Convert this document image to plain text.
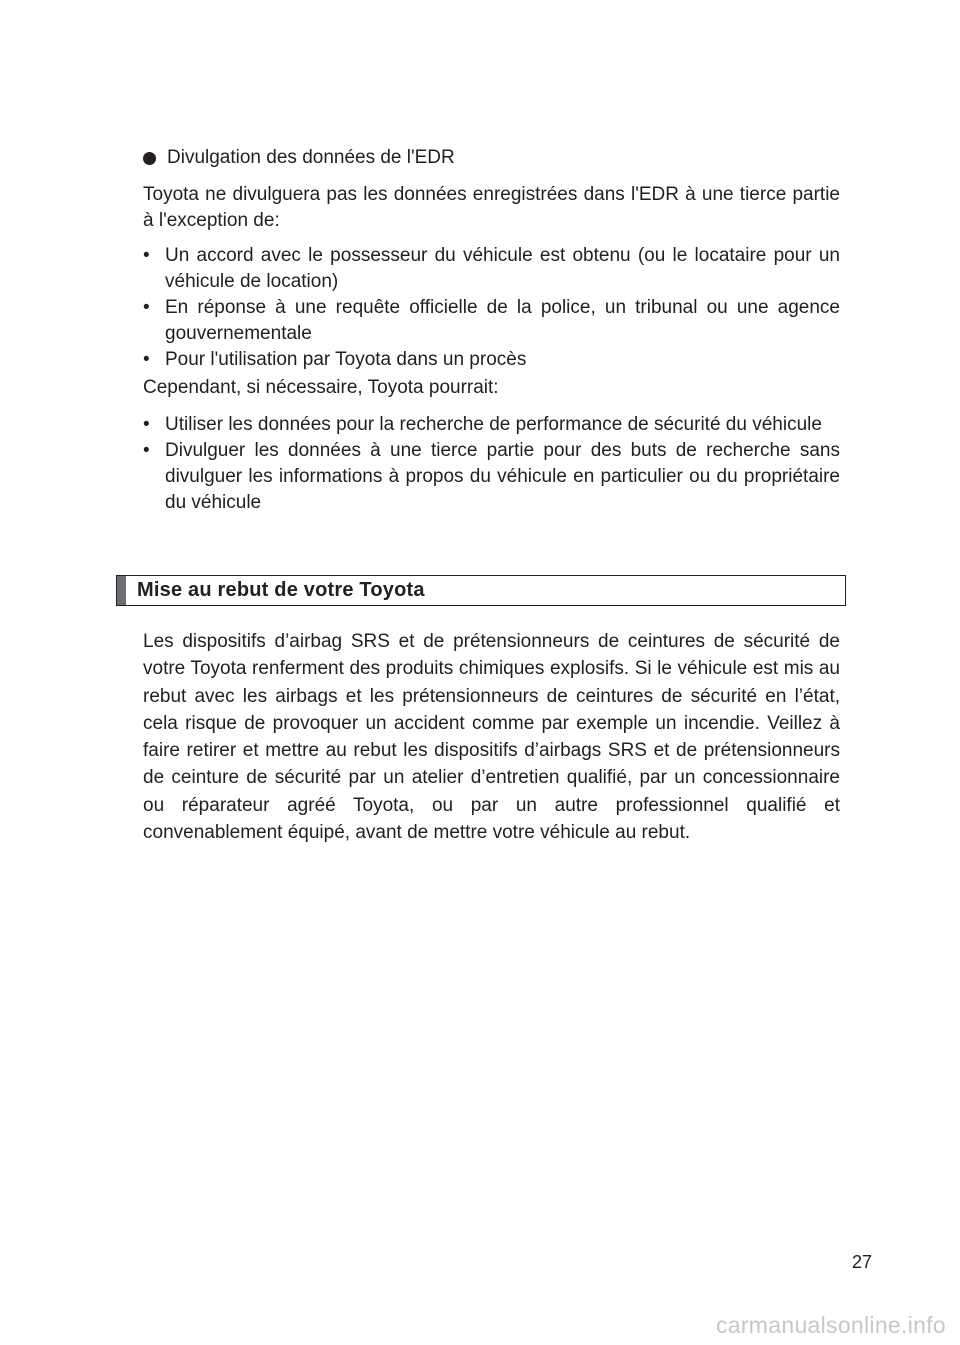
Divulgation des données de l'EDR

Toyota ne divulguera pas les données enregistrées dans l'EDR à une tierce partie à l'exception de:

• Un accord avec le possesseur du véhicule est obtenu (ou le locataire pour un véhicule de location)
• En réponse à une requête officielle de la police, un tribunal ou une agence gouvernementale
• Pour l'utilisation par Toyota dans un procès

Cependant, si nécessaire, Toyota pourrait:

• Utiliser les données pour la recherche de performance de sécurité du véhicule
• Divulguer les données à une tierce partie pour des buts de recherche sans divulguer les informations à propos du véhicule en particulier ou du propriétaire du véhicule
Mise au rebut de votre Toyota

Les dispositifs d’airbag SRS et de prétensionneurs de ceintures de sécurité de votre Toyota renferment des produits chimiques explosifs. Si le véhicule est mis au rebut avec les airbags et les prétensionneurs de ceintures de sécurité en l’état, cela risque de provoquer un accident comme par exemple un incendie. Veillez à faire retirer et mettre au rebut les dispositifs d’airbags SRS et de prétensionneurs de ceinture de sécurité par un atelier d’entretien qualifié, par un concessionnaire ou réparateur agréé Toyota, ou par un autre professionnel qualifié et convenablement équipé, avant de mettre votre véhicule au rebut.

27
carmanualsonline.info
